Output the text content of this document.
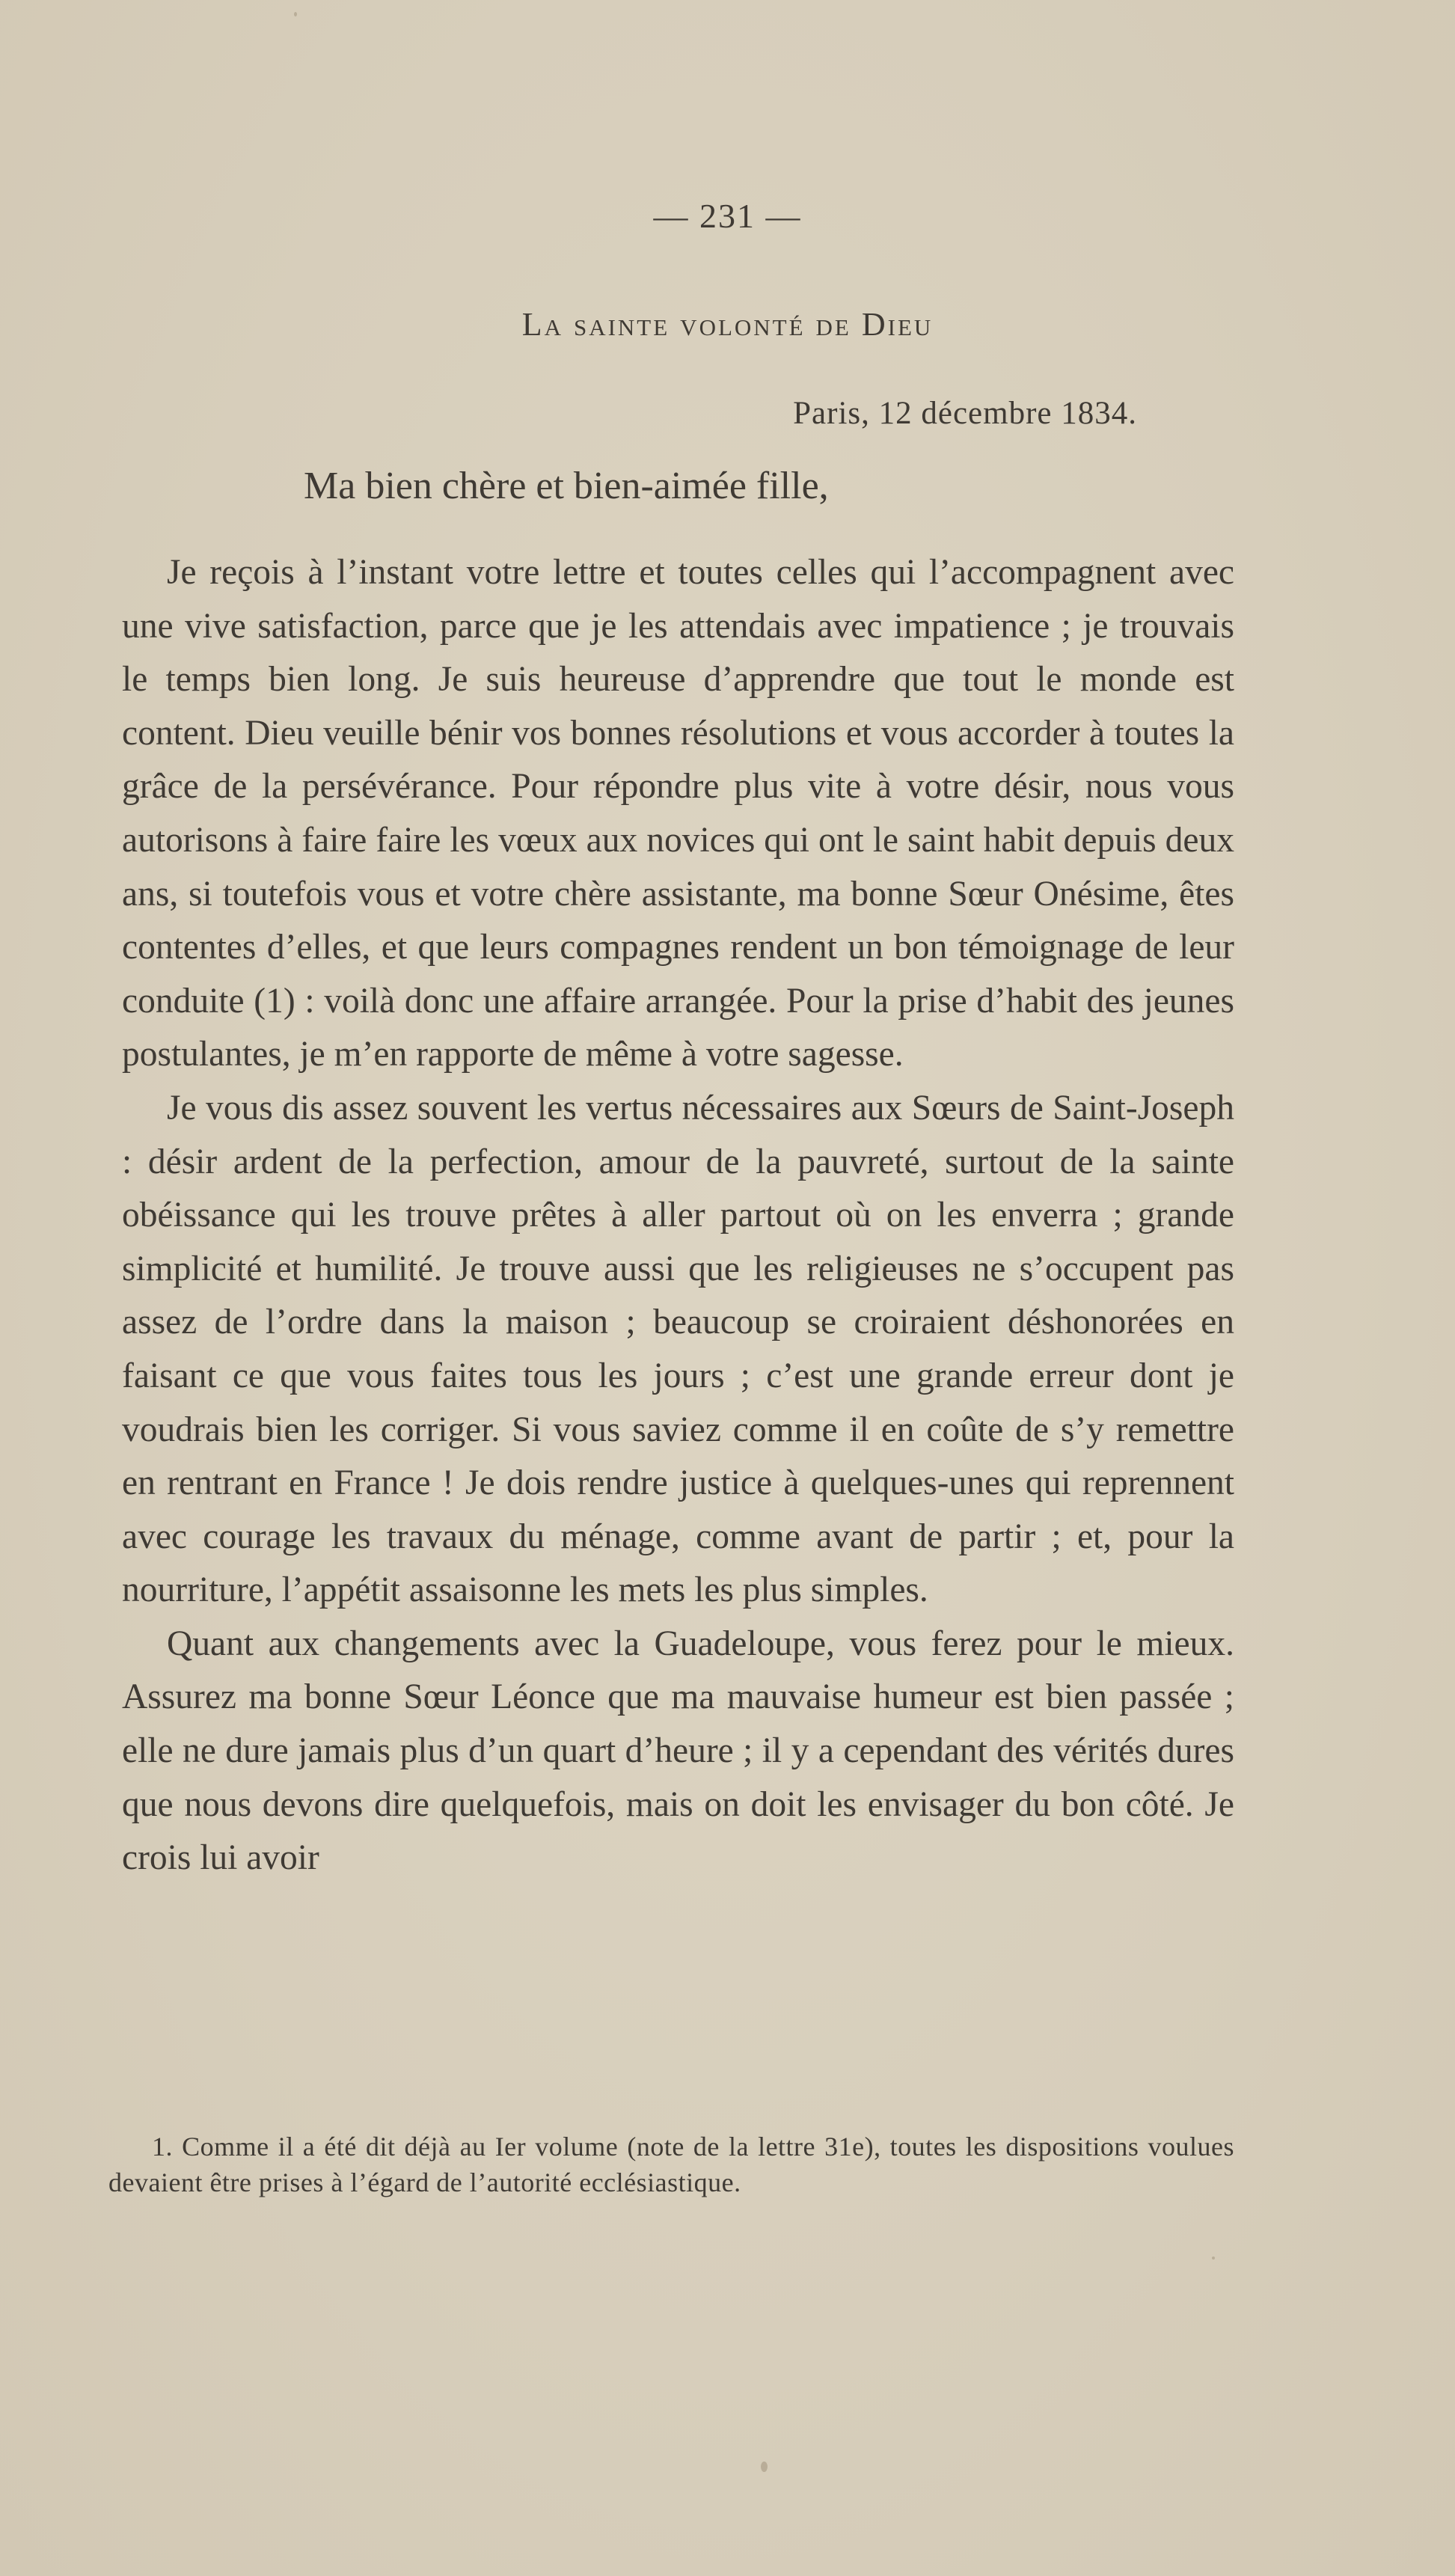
— 231 —
La sainte volonté de Dieu
Paris, 12 décembre 1834.
Ma bien chère et bien-aimée fille,

Je reçois à l’instant votre lettre et toutes celles qui l’accompagnent avec une vive satisfaction, parce que je les attendais avec impatience ; je trouvais le temps bien long. Je suis heureuse d’apprendre que tout le monde est content. Dieu veuille bénir vos bonnes résolutions et vous accorder à toutes la grâce de la persévérance. Pour répondre plus vite à votre désir, nous vous autorisons à faire faire les vœux aux novices qui ont le saint habit depuis deux ans, si toutefois vous et votre chère assistante, ma bonne Sœur Onésime, êtes contentes d’elles, et que leurs compagnes rendent un bon témoignage de leur conduite (1) : voilà donc une affaire arrangée. Pour la prise d’habit des jeunes postulantes, je m’en rapporte de même à votre sagesse.

Je vous dis assez souvent les vertus nécessaires aux Sœurs de Saint-Joseph : désir ardent de la perfection, amour de la pauvreté, surtout de la sainte obéissance qui les trouve prêtes à aller partout où on les enverra ; grande simplicité et humilité. Je trouve aussi que les religieuses ne s’occupent pas assez de l’ordre dans la maison ; beaucoup se croiraient déshonorées en faisant ce que vous faites tous les jours ; c’est une grande erreur dont je voudrais bien les corriger. Si vous saviez comme il en coûte de s’y remettre en rentrant en France ! Je dois rendre justice à quelques-unes qui reprennent avec courage les travaux du ménage, comme avant de partir ; et, pour la nourriture, l’appétit assaisonne les mets les plus simples.

Quant aux changements avec la Guadeloupe, vous ferez pour le mieux. Assurez ma bonne Sœur Léonce que ma mauvaise humeur est bien passée ; elle ne dure jamais plus d’un quart d’heure ; il y a cependant des vérités dures que nous devons dire quelquefois, mais on doit les envisager du bon côté. Je crois lui avoir

1. Comme il a été dit déjà au Ier volume (note de la lettre 31e), toutes les dispositions voulues devaient être prises à l’égard de l’autorité ecclésiastique.
